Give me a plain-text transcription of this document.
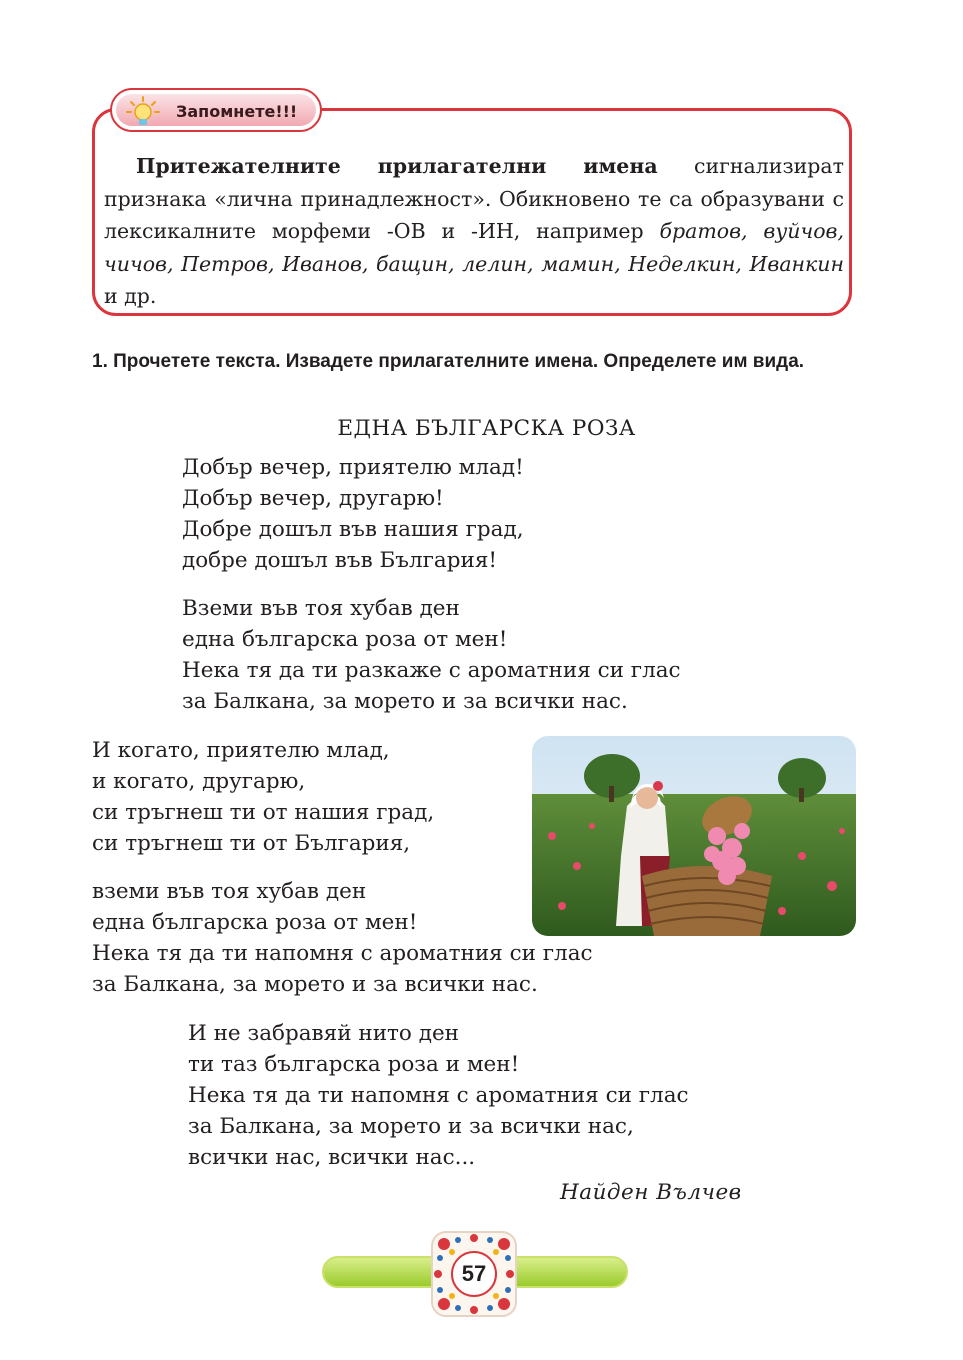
Запомнете!!!
Притежателните прилагателни имена сигнализират признака «лична принадлежност». Обикновено те са образувани с лексикалните морфеми -ОВ и -ИН, например братов, вуйчов, чичов, Петров, Иванов, бащин, лелин, мамин, Неделкин, Иванкин и др.
1. Прочетете текста. Извадете прилагателните имена. Определете им вида.
ЕДНА БЪЛГАРСКА РОЗА
Добър вечер, приятелю млад!
Добър вечер, другарю!
Добре дошъл във нашия град,
добре дошъл във България!
Вземи във тоя хубав ден
една българска роза от мен!
Нека тя да ти разкаже с ароматния си глас
за Балкана, за морето и за всички нас.
И когато, приятелю млад,
и когато, другарю,
си тръгнеш ти от нашия град,
си тръгнеш ти от България,
вземи във тоя хубав ден
една българска роза от мен!
Нека тя да ти напомня с ароматния си глас
за Балкана, за морето и за всички нас.
И не забравяй нито ден
ти таз българска роза и мен!
Нека тя да ти напомня с ароматния си глас
за Балкана, за морето и за всички нас,
всички нас, всички нас...
Найден Вълчев
57
